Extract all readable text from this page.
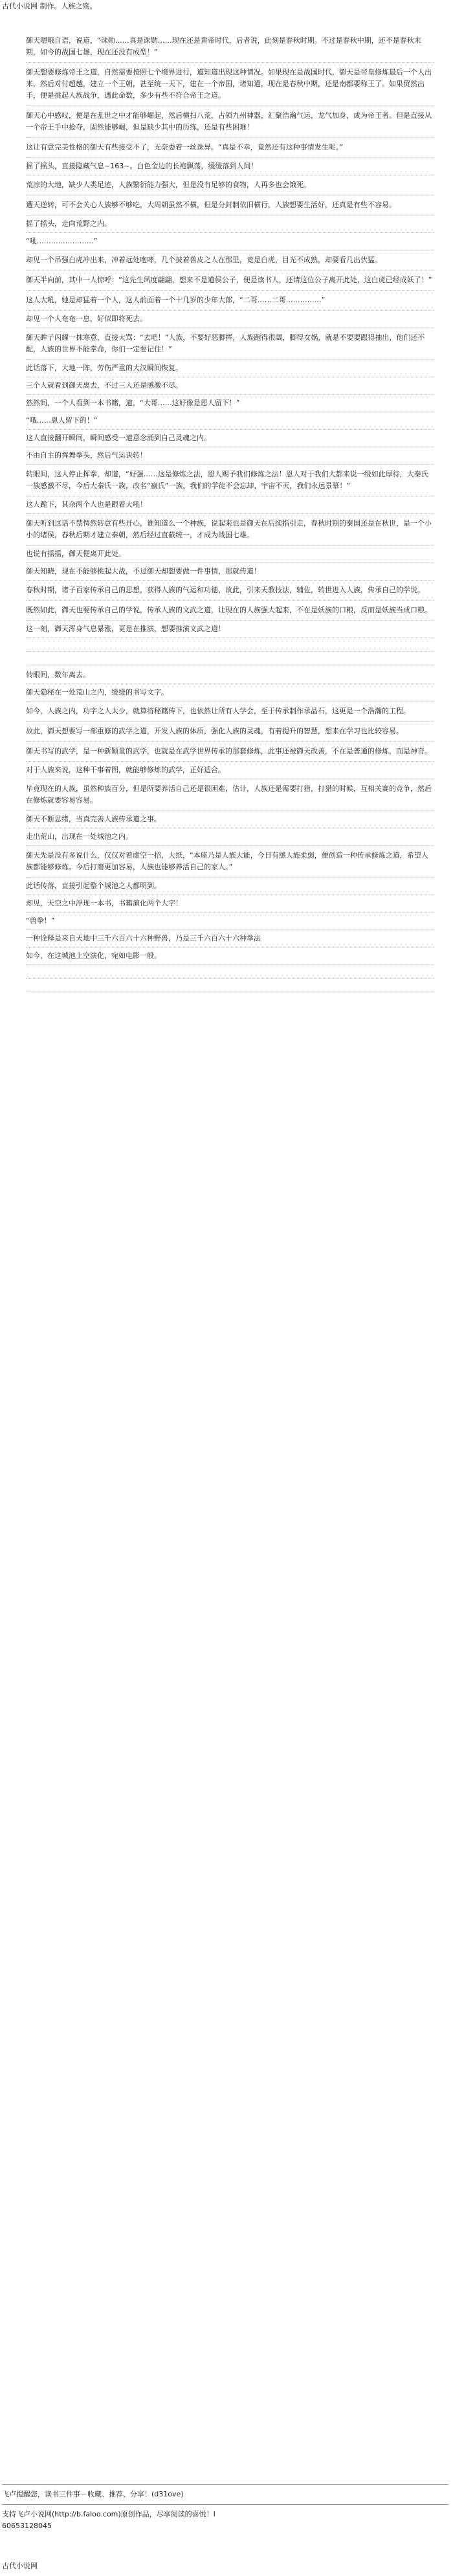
古代小说网 制作。人族之殇。

御天嗯哦自语，说道，“诛勋……真是诛勋……现在还是黄帝时代，后者说，此刻是春秋时期。不过是春秋中期，还不是春秋末期，如今的战国七雄，现在还没有成型！”

御天想要修炼帝王之道，自然需要按照七个境界进行，道知道出现这种情况。如果现在是战国时代，御天是帝皇修炼最后一个人出来，然后对付超越，建立一个王朝，甚至统一天下，建在一个帝国，诸知道，现在是春秋中期，还是南都要称王了。如果贸然出手，便是挑起人族战争，遇此命数，多少有些不符合帝王之道。

御天心中感叹，便是在乱世之中才能够崛起，然后横扫八荒，占领九州神器，汇聚浩瀚气运，龙气加身，成为帝王者。但是直接从一个帝王手中抢夺，固然能够崛，但是缺少其中的历练，还是有些困难！

这让有意完美性格的御天有些接受不了，无奈委着一丝诛异。“真是不幸，竟然还有这种事情发生呢。”

摇了摇头，直接隐藏气息~163~。白色金边的长袍飘荡，缓缓落到人间！

荒凉的大地，缺少人类足迹，人族繁衍能力强大，但是没有足够的食物，人再多也会饿死。

遭天逆转，可不会关心人族够不够吃，大周朝虽然不横，但是分封制依旧横行，人族想要生活好，还真是有些不容易。

摇了摇头，走向荒野之内。

“吼……………………”

却见一个吊强白虎冲出来，冲着远处咆哮，几个披着兽皮之人在那里，竟是白虎，目光不成熟，却要看几出伏猛。

御天半向前，其中一人惊呼：“这先生风度翩翩，想来不是道侯公子，便是读书人，还请这位公子离开此处，这白虎已经成妖了！”

这人大吼，她是却猛着一个人，这人前面着一个十几岁的少年大郎，“二哥……二哥……………”

却见一个人奄奄一息，好似即将死去。

御天眸子闪耀一抹寒意，直接大骂：“去吧！”人族，不要好恶脚挥，人族跑得很阔，脚得女娲，就是不要要跟得抽出，他们还不配，人族的世界不能掌命，你们一定要记住！”

此话落下，大地一阵，劳伤严重的大汉瞬间恢复。

三个人就看到御天离去，不过三人还是感激不尽。

然然间，一个人看到一本书籍，道，“大哥……这好像是恩人留下！”

“哦……恩人留下的！”

这人直接翻开瞬间，瞬间感受一道意念涌到自己灵魂之内。

不由自主的挥舞拳头，然后气运诀转！

转眼间，这人停止挥拳，却道，“好强……这是修炼之法，恩人赐予我们修炼之法！恩人对于我们大都来说一级如此厚待，大秦氏一族感激不尽，今后大秦氏一族，改名“嬴氏”一族，我们的学徒不会忘却，宇宙不灭，我们永远景慕！”

这人跪下，其余两个人也是跟着大吼！

御天听到这话不禁愕然转意有些开心，谁知道么一个种族，说起来也是御天在后续指引走，春秋时期的秦国还是在秋世，是一个小小的诸侯，春秋后期才建立秦朝，然后经过直截统一，才成为战国七雄。

也说有摇摇，御天便离开此处。

御天知晓，现在不能够挑起大战，不过御天却想要做一件事情，那就传道！

春秋时期，诸子百家传承自己的思想，获得人族的气运和功德，故此，引来天教技法，辅佐，转世进入人族，传承自己的学说。

既然如此，御天也要传承自己的学说，传承人族的文武之道，让现在的人族强大起来，不在是妖族的口粮，反而是妖族当成口粮。

这一刻，御天浑身气息暴涨，更是在推演，想要推演文武之道！

转眼间，数年离去。

御天隐秘在一处荒山之内，缓缓的书写文字。

如今，人族之内，功字之人太少，就算将秘籍传下，也依然让所有人学会，至于传承制作承晶石，这更是一个浩瀚的工程。

故此，御天想要写一部重修的武学之道，开发人族的体质，强化人族的灵魂，有着提升的智慧，想来在学习也比较容易。

御天书写的武学，是一种新颖量的武学，也就是在武学世界传承的那套修炼，此事还被御天改善，不在是普通的修炼，而是神奇。

对于人族来说，这种干事着图，就能够修炼的武学，正好适合。

毕竟现在的人族，虽然种族百分，但是所要养活自己还是很困难，估计，人族还是需要打猎，打猎的时候，互相关赛的竞争，然后在修炼就要容易容易。

御天不断思绪，当真完善人族传承道之事。

走出荒山，出现在一处城池之内。

御天先是没有多说什么，仅仅对着虚空一招，大纸，“本座乃是人族大能，今日有感人族柔弱，便创造一种传承修炼之道，希望人族都能够修炼。今后打磨更加容易，人族也能够养活自己的家人。”

此话传落，直接引起整个城池之人都明到。

却见，天空之中浮现一本书，书籍演化两个大字！

“兽拳！”

一种诠释是来自天地中三千六百六十六种野兽，乃是三千六百六十六种拳法

如今，在这城池上空演化，宛如电影一般。

飞卢提醒您，读书三件事－收藏、推荐、分享！(d31ove)
支持飞卢小说网(http://b.faloo.com)原创作品，尽享阅读的喜悦！I
60653128045
古代小说网
